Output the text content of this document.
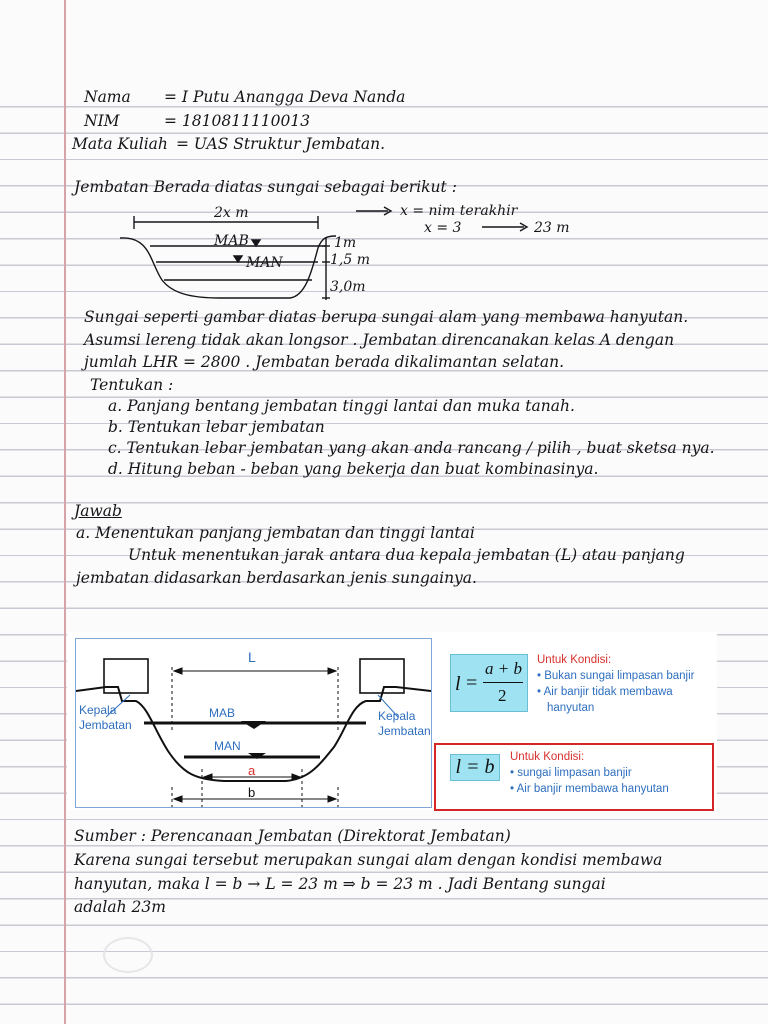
Nama = I Putu Anangga Deva Nanda
NIM	= 1810811110013
Mata Kuliah = UAS Struktur Jembatan.
Jembatan Berada diatas sungai sebagai berikut :
2x m
MAB
MAN
1m
1,5 m
3,0m
x = nim terakhir
x = 3	23 m
Sungai seperti gambar diatas berupa sungai alam yang membawa hanyutan.
Asumsi lereng tidak akan longsor . Jembatan direncanakan kelas A dengan
jumlah LHR = 2800 . Jembatan berada dikalimantan selatan.
Tentukan :
a. Panjang bentang jembatan tinggi lantai dan muka tanah.
b. Tentukan lebar jembatan
c. Tentukan lebar jembatan yang akan anda rancang / pilih , buat sketsa nya.
d. Hitung beban - beban yang bekerja dan buat kombinasinya.
Jawab
a. Menentukan panjang jembatan dan tinggi lantai
Untuk menentukan jarak antara dua kepala jembatan (L) atau panjang
jembatan didasarkan berdasarkan jenis sungainya.
L
MAB
MAN
a
b
Kepala
Jembatan
Kepala
Jembatan
l =
a + b
2
Untuk Kondisi:
• Bukan sungai limpasan banjir
• Air banjir tidak membawa
hanyutan
l = b	Untuk Kondisi:
• sungai limpasan banjir
• Air banjir membawa hanyutan
Sumber : Perencanaan Jembatan (Direktorat Jembatan)
Karena sungai tersebut merupakan sungai alam dengan kondisi membawa
hanyutan, maka l = b → L = 23 m ⇒ b = 23 m . Jadi Bentang sungai
adalah 23m
